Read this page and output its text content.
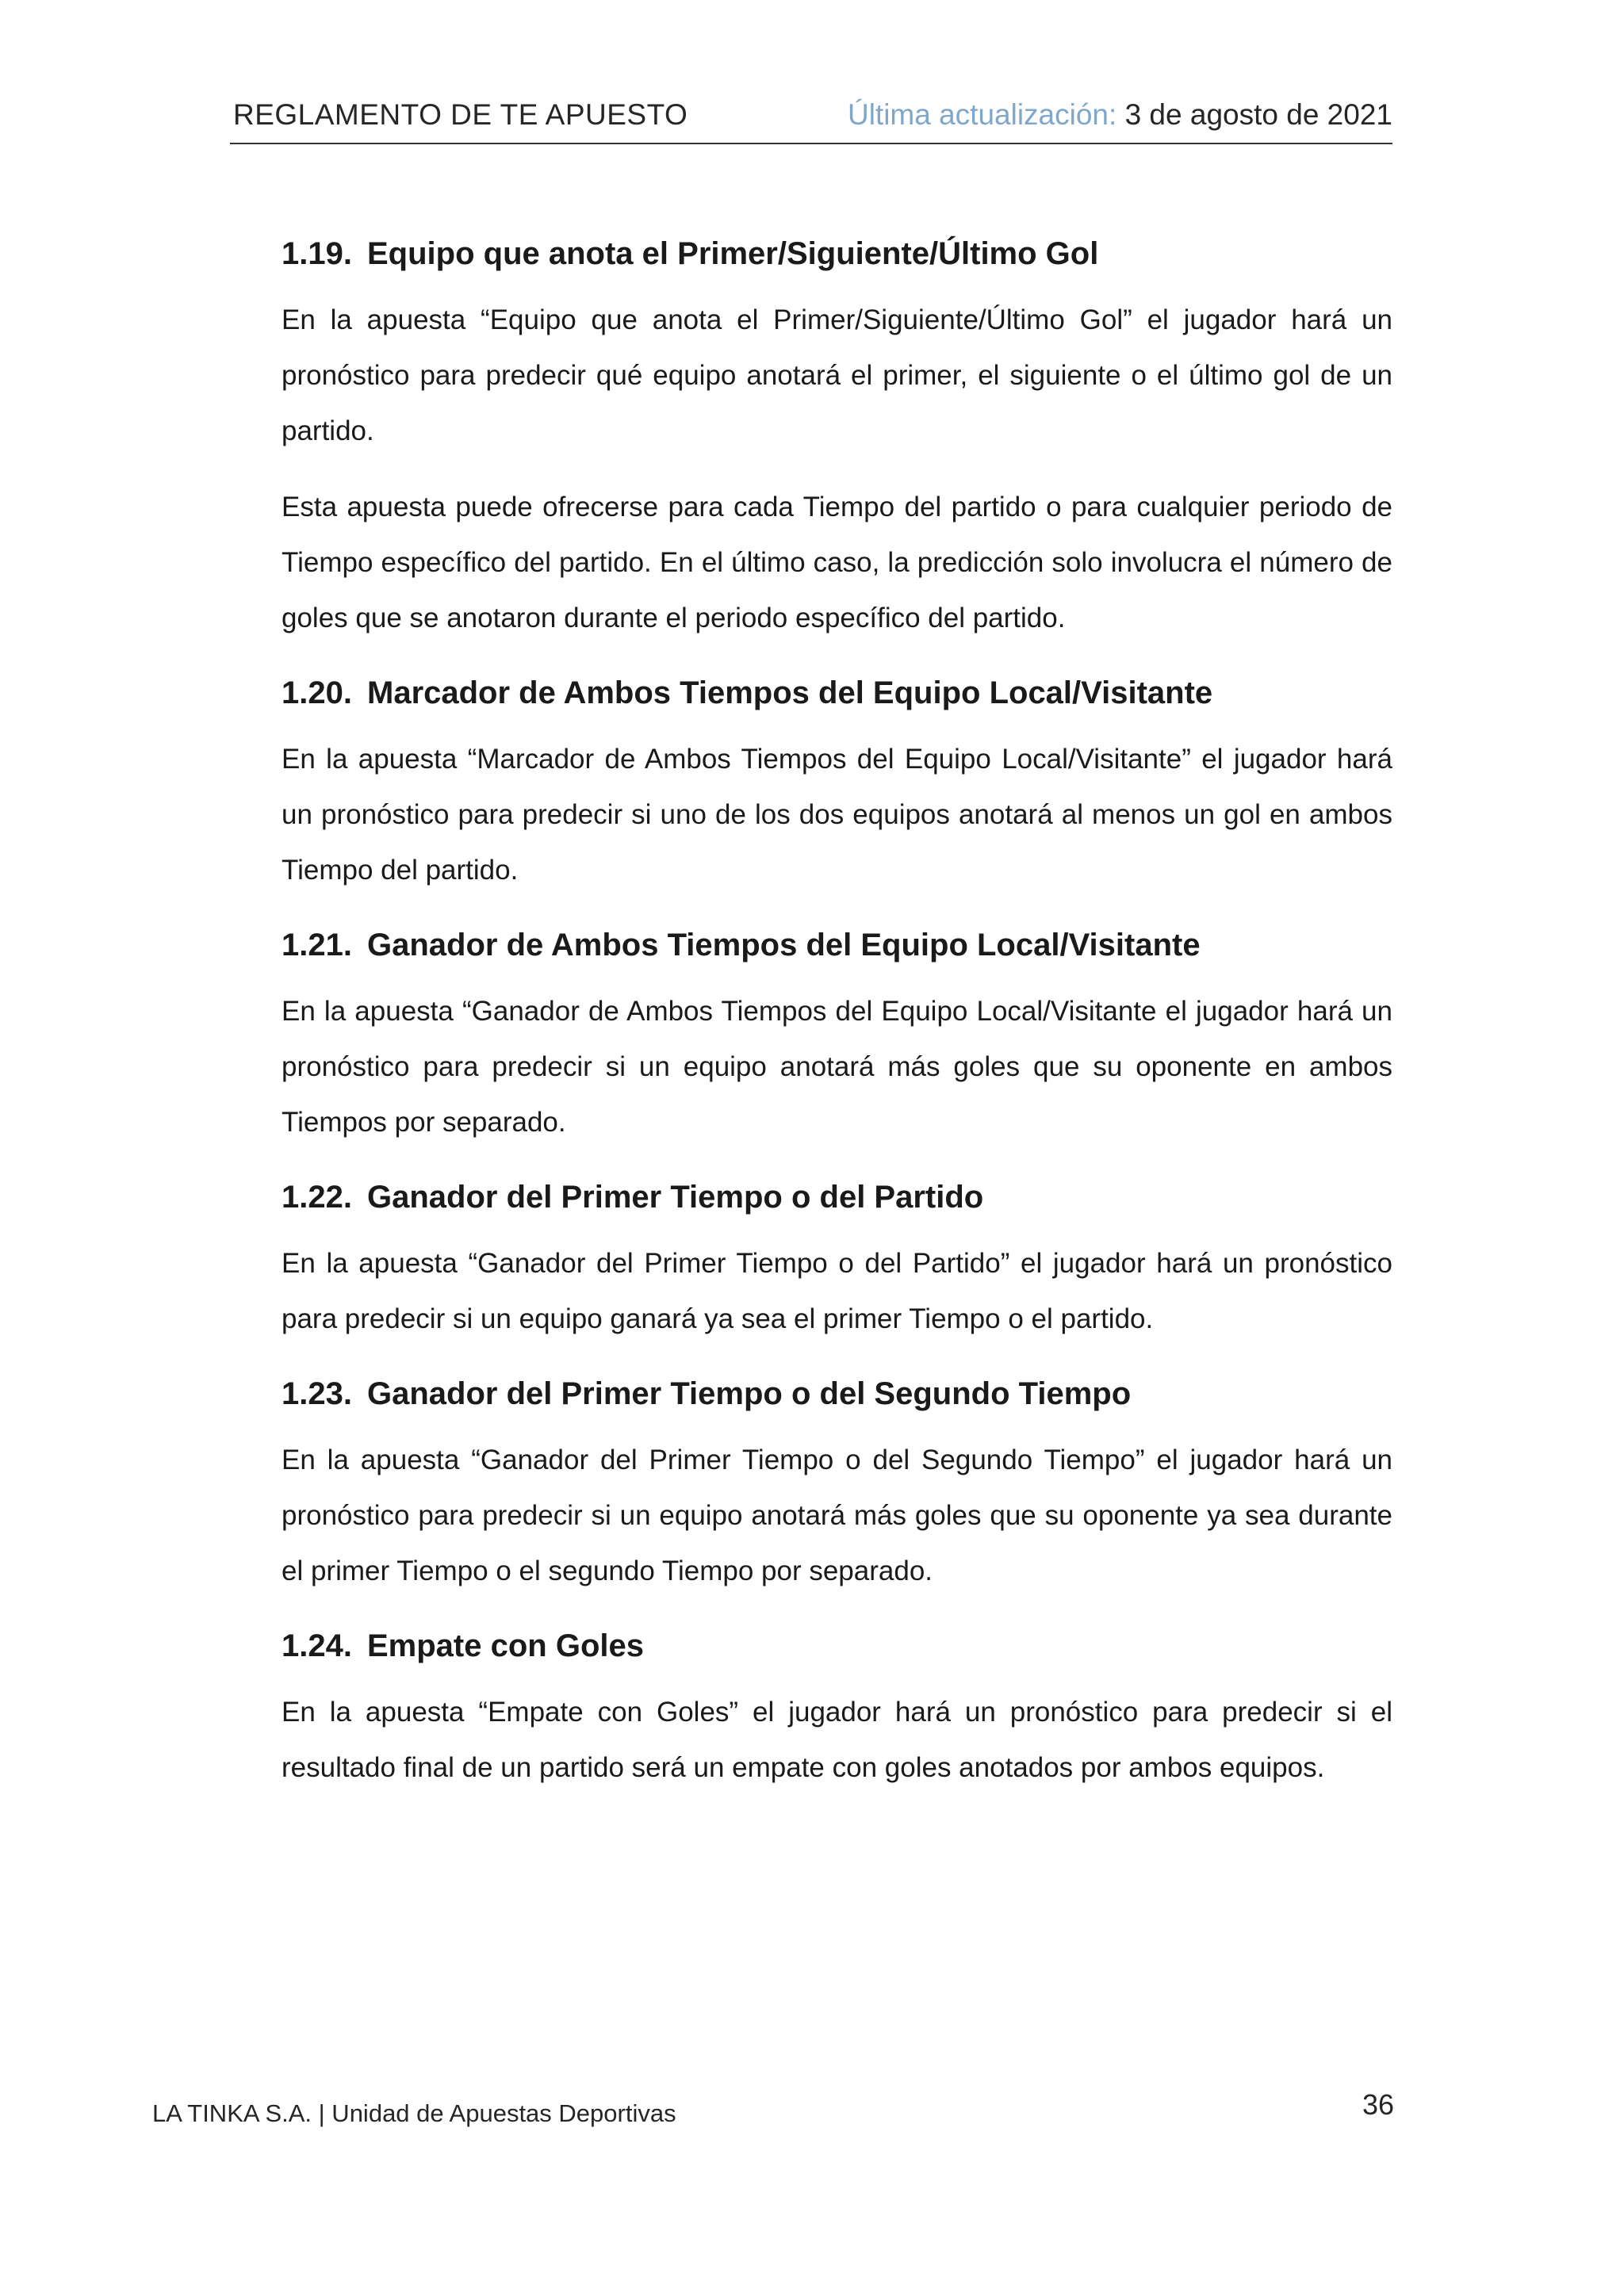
REGLAMENTO DE TE APUESTO	Última actualización: 3 de agosto de 2021
1.19. Equipo que anota el Primer/Siguiente/Último Gol

En la apuesta “Equipo que anota el Primer/Siguiente/Último Gol” el jugador hará un pronóstico para predecir qué equipo anotará el primer, el siguiente o el último gol de un partido.

Esta apuesta puede ofrecerse para cada Tiempo del partido o para cualquier periodo de Tiempo específico del partido. En el último caso, la predicción solo involucra el número de goles que se anotaron durante el periodo específico del partido.

1.20. Marcador de Ambos Tiempos del Equipo Local/Visitante

En la apuesta “Marcador de Ambos Tiempos del Equipo Local/Visitante” el jugador hará un pronóstico para predecir si uno de los dos equipos anotará al menos un gol en ambos Tiempo del partido.

1.21. Ganador de Ambos Tiempos del Equipo Local/Visitante

En la apuesta “Ganador de Ambos Tiempos del Equipo Local/Visitante el jugador hará un pronóstico para predecir si un equipo anotará más goles que su oponente en ambos Tiempos por separado.

1.22. Ganador del Primer Tiempo o del Partido

En la apuesta “Ganador del Primer Tiempo o del Partido” el jugador hará un pronóstico para predecir si un equipo ganará ya sea el primer Tiempo o el partido.

1.23. Ganador del Primer Tiempo o del Segundo Tiempo

En la apuesta “Ganador del Primer Tiempo o del Segundo Tiempo” el jugador hará un pronóstico para predecir si un equipo anotará más goles que su oponente ya sea durante el primer Tiempo o el segundo Tiempo por separado.

1.24. Empate con Goles

En la apuesta “Empate con Goles” el jugador hará un pronóstico para predecir si el resultado final de un partido será un empate con goles anotados por ambos equipos.

LA TINKA S.A. | Unidad de Apuestas Deportivas	36
